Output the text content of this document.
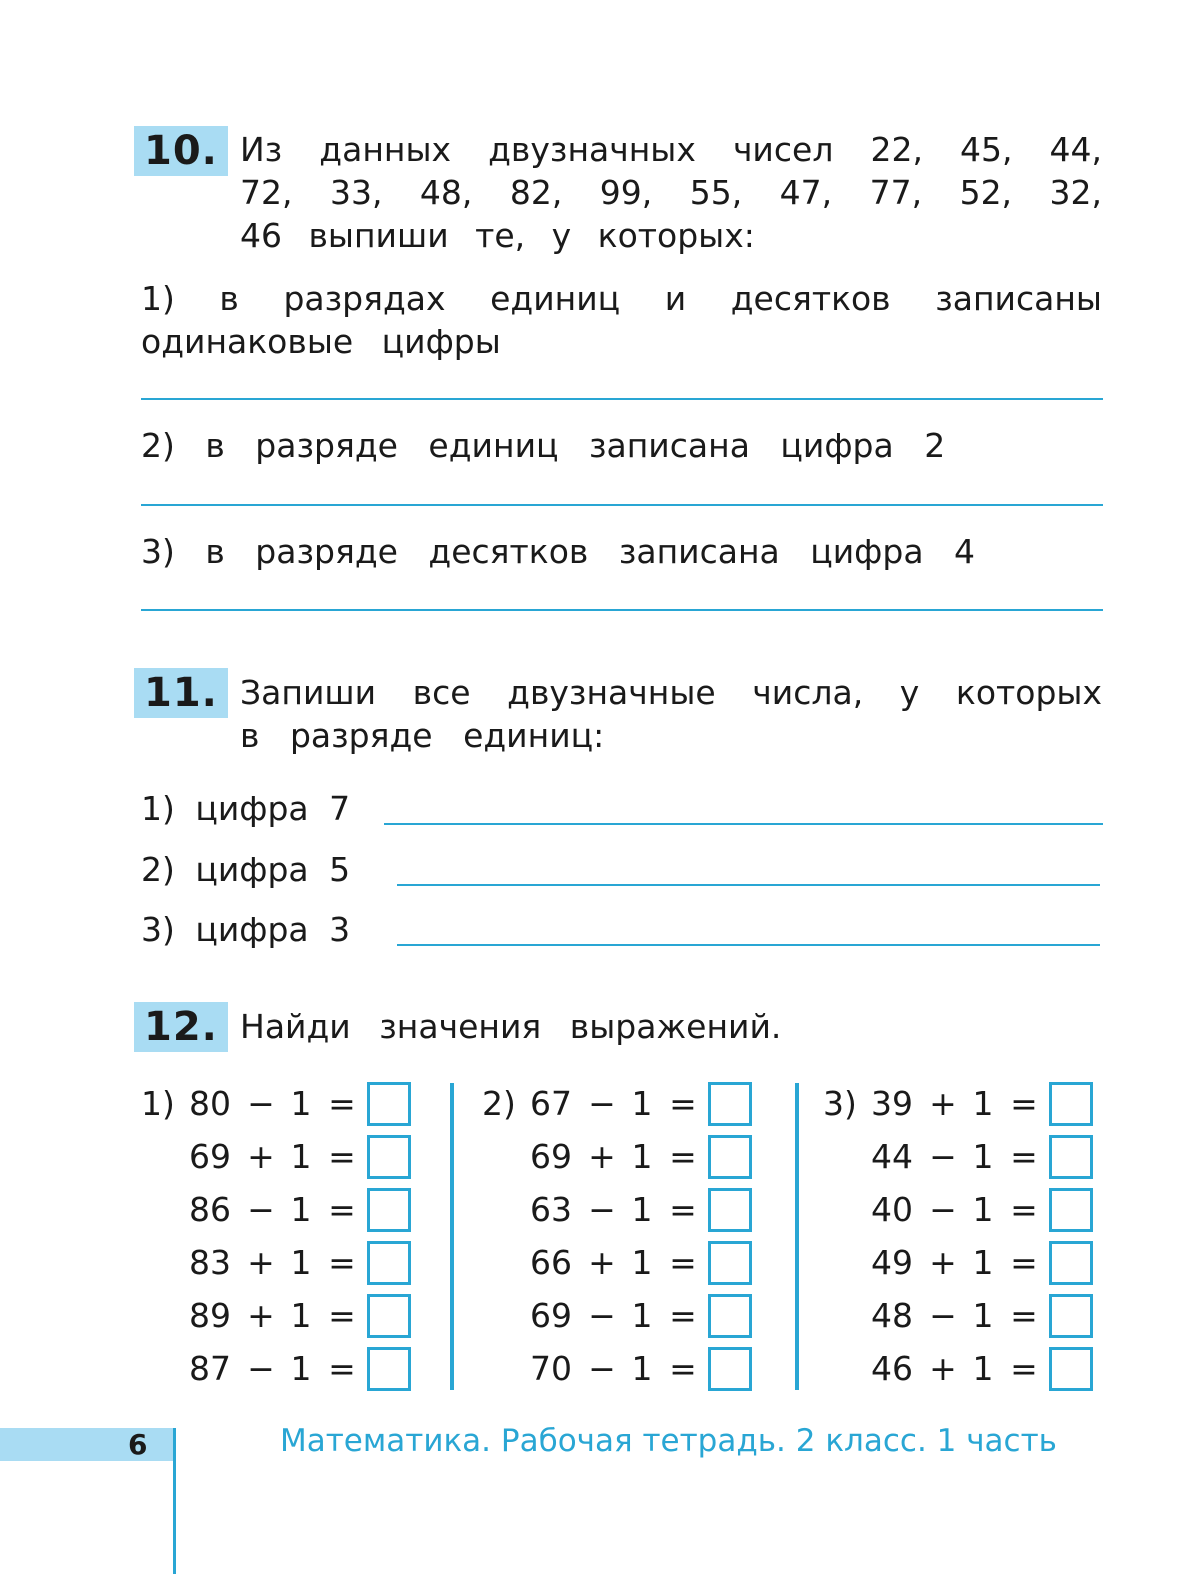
10. Из данных двузначных чисел 22, 45, 44,
72, 33, 48, 82, 99, 55, 47, 77, 52, 32,
46 выпиши те, у которых:
1) в разрядах единиц и десятков записаны
одинаковые цифры
2) в разряде единиц записана цифра 2
3) в разряде десятков записана цифра 4
11. Запиши все двузначные числа, у которых
в разряде единиц:
1) цифра 7
2) цифра 5
3) цифра 3
12. Найди значения выражений.
1) 80 − 1 =
69 + 1 =
86 − 1 =
83 + 1 =
89 + 1 =
87 − 1 =
2) 67 − 1 =
69 + 1 =
63 − 1 =
66 + 1 =
69 − 1 =
70 − 1 =
3) 39 + 1 =
44 − 1 =
40 − 1 =
49 + 1 =
48 − 1 =
46 + 1 =
6	Математика. Рабочая тетрадь. 2 класс. 1 часть
